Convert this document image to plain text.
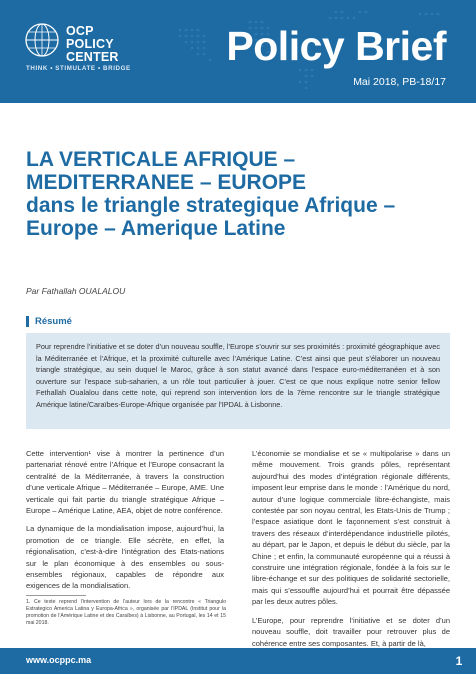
OCP
POLICY
CENTER
THINK • STIMULATE • BRIDGE Policy Brief
Mai 2018, PB-18/17
LA VERTICALE AFRIQUE –
MEDITERRANEE – EUROPE
dans le triangle strategique Afrique –
Europe – Amerique Latine
Par Fathallah OUALALOU
Résumé
Pour reprendre l’initiative et se doter d’un nouveau souffle, l’Europe s’ouvrir sur ses proximités : proximité géographique avec la Méditerranée et l’Afrique, et la proximité culturelle avec l’Amérique Latine. C’est ainsi que peut s’élaborer un nouveau triangle stratégique, au sein duquel le Maroc, grâce à son statut avancé dans l’espace euro-méditerranéen et à son ouverture sur l’espace sub-saharien, a un rôle tout particulier à jouer. C’est ce que nous explique notre senior fellow Fethallah Oualalou dans cette note, qui reprend son intervention lors de la 7ème rencontre sur le triangle stratégique Amérique latine/Caraïbes-Europe-Afrique organisée par l’IPDAL à Lisbonne.

Cette intervention¹ vise à montrer la pertinence d’un partenariat rénové entre l’Afrique et l’Europe consacrant la centralité de la Méditerranée, à travers la construction d’une verticale Afrique – Méditerranée – Europe, AME. Une verticale qui fait partie du triangle stratégique Afrique – Europe – Amérique Latine, AEA, objet de notre conférence.

La dynamique de la mondialisation impose, aujourd’hui, la promotion de ce triangle. Elle sécrète, en effet, la régionalisation, c’est-à-dire l’intégration des Etats-nations sur le plan économique à des ensembles ou sous-ensembles régionaux, capables de répondre aux exigences de la mondialisation.

L’économie se mondialise et se « multipolarise » dans un même mouvement. Trois grands pôles, représentant aujourd’hui des modes d’intégration régionale différents, imposent leur emprise dans le monde : l’Amérique du nord, autour d’une logique commerciale libre-échangiste, mais contestée par son noyau central, les Etats-Unis de Trump ; l’espace asiatique dont le façonnement s’est construit à travers des réseaux d’interdépendance industrielle pilotés, au départ, par le Japon, et depuis le début du siècle, par la Chine ; et enfin, la communauté européenne qui a réussi à construire une intégration régionale, fondée à la fois sur le libre-échange et sur des politiques de solidarité sectorielle, mais qui s’essouffle aujourd’hui et pourrait être dépassée par les deux autres pôles.

L’Europe, pour reprendre l’initiative et se doter d’un nouveau souffle, doit travailler pour retrouver plus de cohérence entre ses composantes. Et, à partir de là,

1. Ce texte reprend l’intervention de l’auteur lors de la rencontre « Triangulo Estrategico America Latina y Europa-Africa », organisée par l’IPDAL (Institut pour la promotion de l’Amérique Latine et des Caraïbes) à Lisbonne, au Portugal, les 14 et 15 mai 2018.
www.ocppc.ma	1
